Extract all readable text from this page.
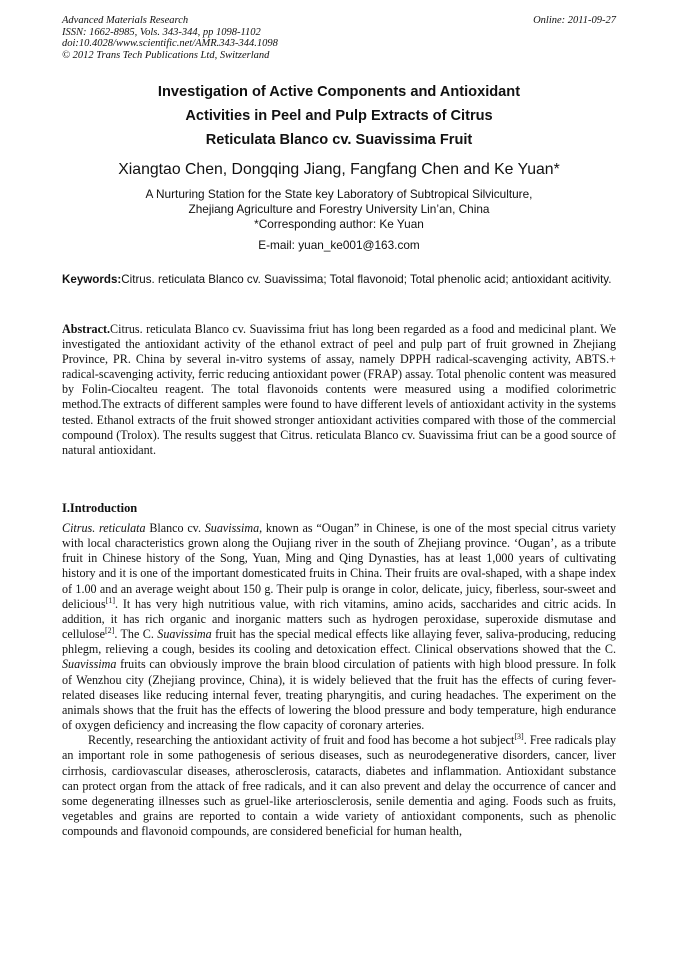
Advanced Materials Research
ISSN: 1662-8985, Vols. 343-344, pp 1098-1102
doi:10.4028/www.scientific.net/AMR.343-344.1098
© 2012 Trans Tech Publications Ltd, Switzerland
Online: 2011-09-27
Investigation of Active Components and Antioxidant
Activities in Peel and Pulp Extracts of Citrus
Reticulata Blanco cv. Suavissima Fruit
Xiangtao Chen, Dongqing Jiang, Fangfang Chen and Ke Yuan*
A Nurturing Station for the State key Laboratory of Subtropical Silviculture,
Zhejiang Agriculture and Forestry University Lin’an, China
*Corresponding author: Ke Yuan
E-mail: yuan_ke001@163.com
Keywords:Citrus. reticulata Blanco cv. Suavissima; Total flavonoid; Total phenolic acid; antioxidant acitivity.
Abstract.Citrus. reticulata Blanco cv. Suavissima friut has long been regarded as a food and medicinal plant. We investigated the antioxidant activity of the ethanol extract of peel and pulp part of fruit growned in Zhejiang Province, PR. China by several in-vitro systems of assay, namely DPPH radical-scavenging activity, ABTS.+ radical-scavenging activity, ferric reducing antioxidant power (FRAP) assay. Total phenolic content was measured by Folin-Ciocalteu reagent. The total flavonoids contents were measured using a modified colorimetric method.The extracts of different samples were found to have different levels of antioxidant activity in the systems tested. Ethanol extracts of the fruit showed stronger antioxidant activities compared with those of the commercial compound (Trolox). The results suggest that Citrus. reticulata Blanco cv. Suavissima friut can be a good source of natural antioxidant.
I.Introduction

Citrus. reticulata Blanco cv. Suavissima, known as “Ougan” in Chinese, is one of the most special citrus variety with local characteristics grown along the Oujiang river in the south of Zhejiang province. ‘Ougan’, as a tribute fruit in Chinese history of the Song, Yuan, Ming and Qing Dynasties, has at least 1,000 years of cultivating history and it is one of the important domesticated fruits in China. Their fruits are oval-shaped, with a shape index of 1.00 and an average weight about 150 g. Their pulp is orange in color, delicate, juicy, fiberless, sour-sweet and delicious[1]. It has very high nutritious value, with rich vitamins, amino acids, saccharides and citric acids. In addition, it has rich organic and inorganic matters such as hydrogen peroxidase, superoxide dismutase and cellulose[2]. The C. Suavissima fruit has the special medical effects like allaying fever, saliva-producing, reducing phlegm, relieving a cough, besides its cooling and detoxication effect. Clinical observations showed that the C. Suavissima fruits can obviously improve the brain blood circulation of patients with high blood pressure. In folk of Wenzhou city (Zhejiang province, China), it is widely believed that the fruit has the effects of curing fever-related diseases like reducing internal fever, treating pharyngitis, and curing headaches. The experiment on the animals shows that the fruit has the effects of lowering the blood pressure and body temperature, high endurance of oxygen deficiency and increasing the flow capacity of coronary arteries.

Recently, researching the antioxidant activity of fruit and food has become a hot subject[3]. Free radicals play an important role in some pathogenesis of serious diseases, such as neurodegenerative disorders, cancer, liver cirrhosis, cardiovascular diseases, atherosclerosis, cataracts, diabetes and inflammation. Antioxidant substance can protect organ from the attack of free radicals, and it can also prevent and delay the occurrence of cancer and some degenerating illnesses such as gruel-like arteriosclerosis, senile dementia and aging. Foods such as fruits, vegetables and grains are reported to contain a wide variety of antioxidant components, such as phenolic compounds and flavonoid compounds, are considered beneficial for human health,
